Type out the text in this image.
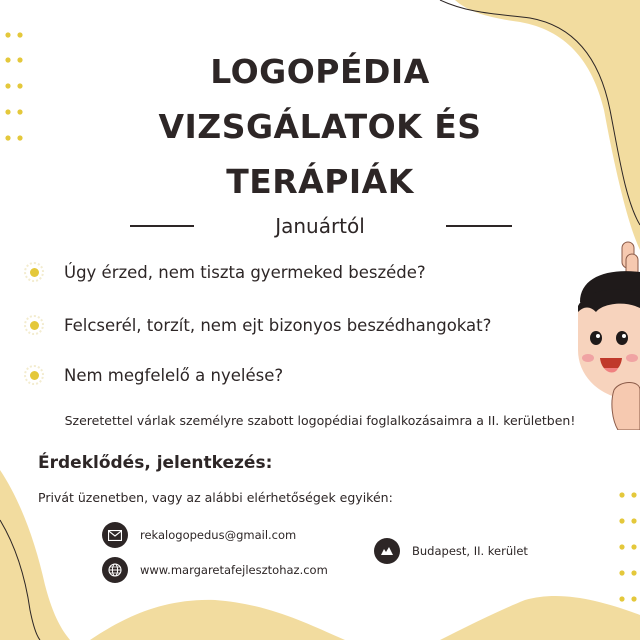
LOGOPÉDIA
VIZSGÁLATOK ÉS
TERÁPIÁK
Januártól
Úgy érzed, nem tiszta gyermeked beszéde?
Felcserél, torzít, nem ejt bizonyos beszédhangokat?
Nem megfelelő a nyelése?
Szeretettel várlak személyre szabott logopédiai foglalkozásaimra a II. kerületben!
Érdeklődés, jelentkezés:
Privát üzenetben, vagy az alábbi elérhetőségek egyikén:
rekalogopedus@gmail.com
www.margaretafejlesztohaz.com
Budapest, II. kerület
